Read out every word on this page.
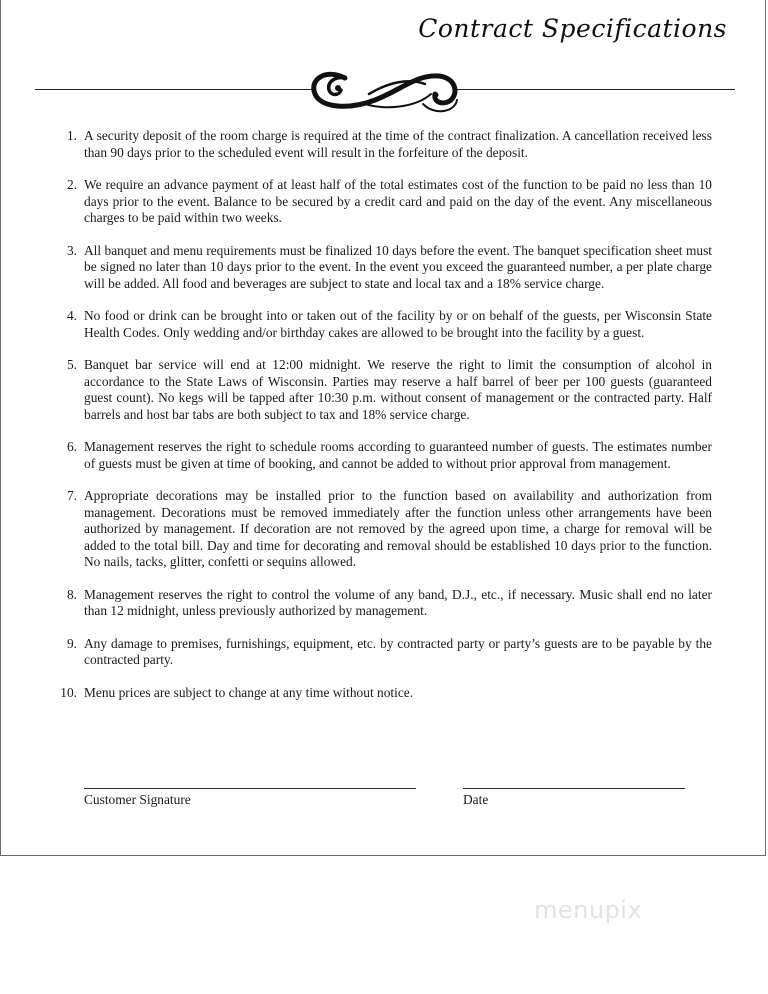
Contract Specifications
1. A security deposit of the room charge is required at the time of the contract finalization. A cancellation received less than 90 days prior to the scheduled event will result in the forfeiture of the deposit.
2. We require an advance payment of at least half of the total estimates cost of the function to be paid no less than 10 days prior to the event. Balance to be secured by a credit card and paid on the day of the event. Any miscellaneous charges to be paid within two weeks.
3. All banquet and menu requirements must be finalized 10 days before the event. The banquet specification sheet must be signed no later than 10 days prior to the event. In the event you exceed the guaranteed number, a per plate charge will be added. All food and beverages are subject to state and local tax and a 18% service charge.
4. No food or drink can be brought into or taken out of the facility by or on behalf of the guests, per Wisconsin State Health Codes. Only wedding and/or birthday cakes are allowed to be brought into the facility by a guest.
5. Banquet bar service will end at 12:00 midnight. We reserve the right to limit the consumption of alcohol in accordance to the State Laws of Wisconsin. Parties may reserve a half barrel of beer per 100 guests (guaranteed guest count). No kegs will be tapped after 10:30 p.m. without consent of management or the contracted party. Half barrels and host bar tabs are both subject to tax and 18% service charge.
6. Management reserves the right to schedule rooms according to guaranteed number of guests. The estimates number of guests must be given at time of booking, and cannot be added to without prior approval from management.
7. Appropriate decorations may be installed prior to the function based on availability and authorization from management. Decorations must be removed immediately after the function unless other arrangements have been authorized by management. If decoration are not removed by the agreed upon time, a charge for removal will be added to the total bill. Day and time for decorating and removal should be established 10 days prior to the function. No nails, tacks, glitter, confetti or sequins allowed.
8. Management reserves the right to control the volume of any band, D.J., etc., if necessary. Music shall end no later than 12 midnight, unless previously authorized by management.
9. Any damage to premises, furnishings, equipment, etc. by contracted party or party’s guests are to be payable by the contracted party.
10. Menu prices are subject to change at any time without notice.
Customer Signature	Date
menupix
